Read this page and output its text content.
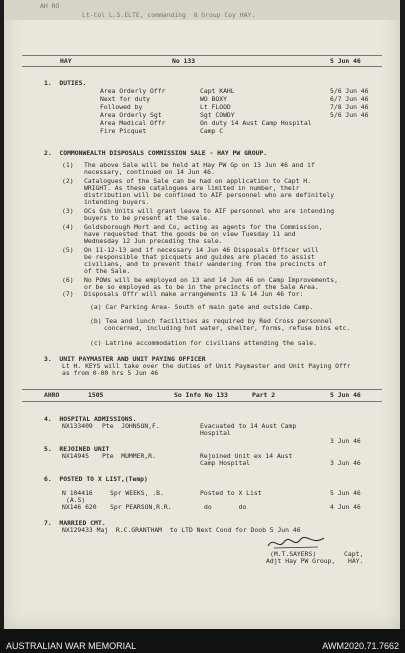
AH RO
Lt-Col L.S.ELTE, commanding  8 Group Coy HAY.
HAY	No 133	5 Jun 46
1.  DUTIES.
Area Orderly Offr	Capt KAHL	5/6 Jun 46
Next for duty	WO BOXY	6/7 Jun 46
Followed by	Lt FLOOD	7/8 Jun 46
Area Orderly Sgt	Sgt COWDY	5/6 Jun 46
Area Medical Offr	On duty 14 Aust Camp Hospital
Fire Picquet	Camp C
2.  COMMONWEALTH DISPOSALS COMMISSION SALE - HAY PW GROUP.
(1) The above Sale will be held at Hay PW Gp on 13 Jun 46 and if
necessary, continued on 14 Jun 46.
(2) Catalogues of the Sale can be had on application to Capt H.
WRIGHT. As these catalogues are limited in number, their
distribution will be confined to AIF personnel who are definitely
intending buyers.
(3) OCs Gsh Units will grant leave to AIF personnel who are intending
buyers to be present at the sale.
(4) Goldsborough Mort and Co, acting as agents for the Commission,
have requested that the goods be on view Tuesday 11 and
Wednesday 12 Jun preceding the sale.
(5) On 11-12-13 and if necessary 14 Jun 46 Disposals Officer will
be responsible that picquets and guides are placed to assist
civilians, and to prevent their wandering from the precincts of
of the Sale.
(6) No POWs will be employed on 13 and 14 Jun 46 on Camp Improvements,
or be so employed as to be in the precincts of the Sale Area.
(7) Disposals Offr will make arrangements 13 & 14 Jun 46 for:
(a) Car Parking Area- South of main gate and outside Camp.
(b) Tea and lunch facilities as required by Red Cross personnel
concerned, including hot water, shelter, forms, refuse bins etc.
(c) Latrine accommodation for civilians attending the sale.
3.  UNIT PAYMASTER AND UNIT PAYING OFFICER
Lt H. KEYS will take over the duties of Unit Paymaster and Unit Paying Offr
as from 0-00 hrs 5 Jun 46
AHRO	1505	So Info No 133	Part 2	5 Jun 46
4.  HOSPITAL ADMISSIONS.
NX133409 Pte  JOHNSON,F.	Evacuated to 14 Aust Camp
Hospital
3 Jun 46
5.  REJOINED UNIT
NX14945 Pte  MUMMER,R.	Rejoined Unit ex 14 Aust
Camp Hospital	3 Jun 46
6.  POSTED TO X LIST,(Temp)
N 104416
(A.S)
Spr WEEKS, .B.	Posted to X List	5 Jun 46
NX146 620 Spr PEARSON,R.R.	do       do	4 Jun 46
7.  MARRIED CMT.
NX129433 Maj  R.C.GRANTHAM  to LTD Next Cond for Doob 5 Jun 46
(M.T.SAYERS)	Capt,
Adjt Hay PW Group, HAY.
AUSTRALIAN WAR MEMORIAL	AWM2020.71.7662
